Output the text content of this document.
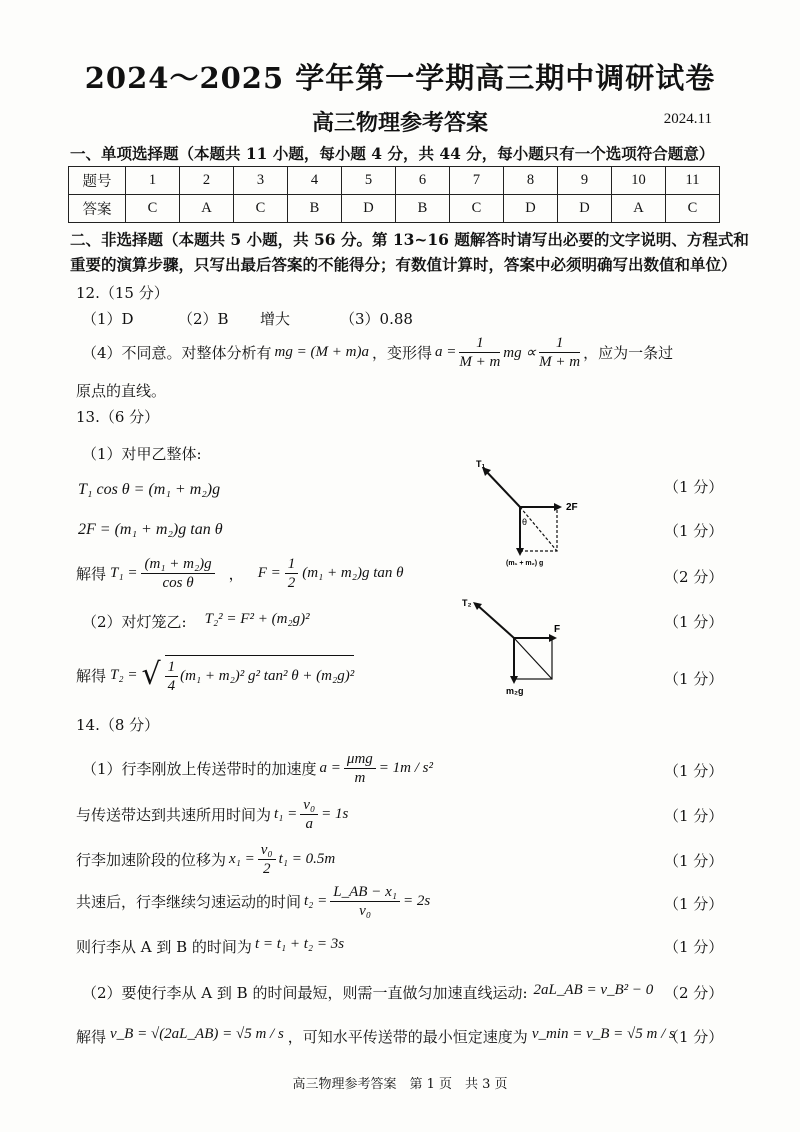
2024～2025 学年第一学期高三期中调研试卷
高三物理参考答案	2024.11
一、单项选择题（本题共 11 小题，每小题 4 分，共 44 分，每小题只有一个选项符合题意）
题号	1	2	3	4	5	6	7	8	9	10	11
答案	C	A	C	B	D	B	C	D	D	A	C
二、非选择题（本题共 5 小题，共 56 分。第 13~16 题解答时请写出必要的文字说明、方程式和
重要的演算步骤，只写出最后答案的不能得分；有数值计算时，答案中必须明确写出数值和单位）
12.（15 分）
（1）D	（2）B 增大	（3）0.88
（4）不同意。对整体分析有 mg = (M + m)a ，变形得 $a = \frac{1}{M + m}$ mg ∝ $\frac{1}{M + m}$ ，应为一条过
原点的直线。
13.（6 分）
（1）对甲乙整体:
T₁ cos θ = (m₁ + m₂)g
2F = (m₁ + m₂)g tan θ
解得 $T_1 = \frac{\text{(m₁ + m₂)g}}{\text{cos θ}}$ ， $F = \frac{1}{2} (m_1 + m_2)g$ tan θ
（2）对灯笼乙: T₂² = F² + (m₂g)²
解得 T₂ = √ $\frac{1}{4} (m_1 + m_2)^2$ g² tan² θ + (m₂g)²
（1 分）
（1 分）
（2 分）
（1 分）
（1 分）
T₁
2F
θ
(m₁ + m₂) g
T₂
F
m₂g
14.（8 分）
（1）行李刚放上传送带时的加速度 $a = \frac{\text{μmg}}{m} = 1m / s^2$
与传送带达到共速所用时间为 $t_1 = \frac{\text{v₀}}{a} = 1s$
行李加速阶段的位移为 $x_1 = \frac{\text{v₀}}{2} t_1 = 0.5m$
共速后，行李继续匀速运动的时间 $t_2 = \frac{\text{L\_AB − x₁}}{\text{v₀}} = 2s$
则行李从 A 到 B 的时间为 t = t₁ + t₂ = 3s
（2）要使行李从 A 到 B 的时间最短，则需一直做匀加速直线运动: 2aL_AB = v_B² − 0
解得 v_B = √(2aL_AB) = √5 m / s ，可知水平传送带的最小恒定速度为 v_min = v_B = √5 m / s
（1 分）
（1 分）
（1 分）
（1 分）
（1 分）
（2 分）
（1 分）
高三物理参考答案　第 1 页　共 3 页
